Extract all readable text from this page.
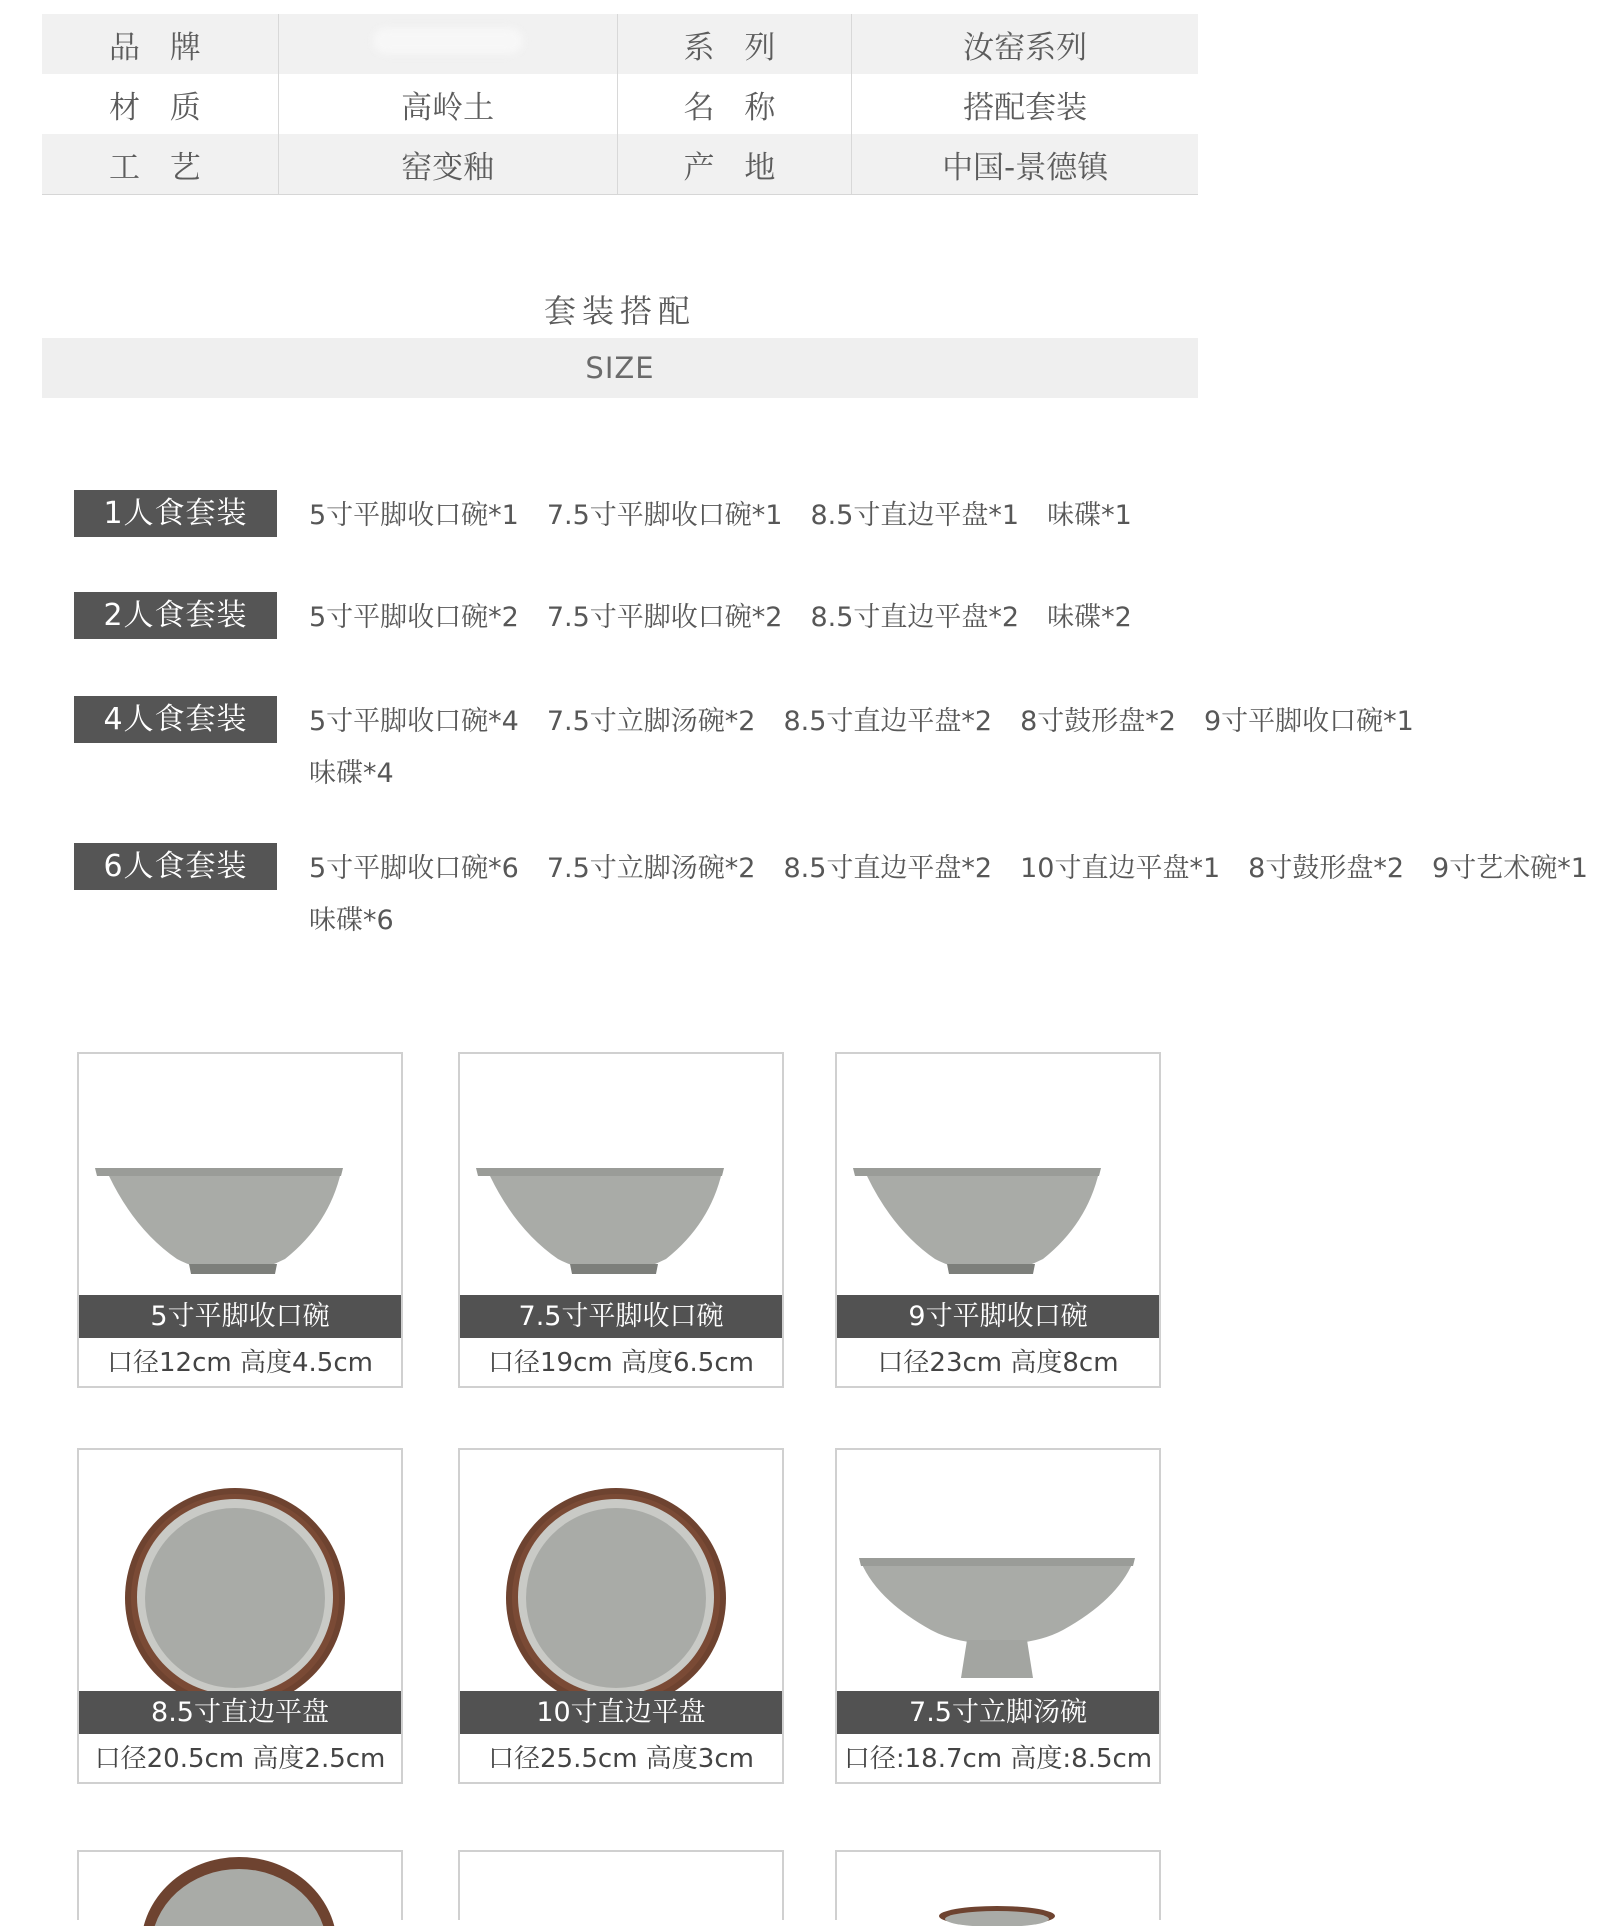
品 牌		系 列	汝窑系列
材 质	高岭土	名 称	搭配套装
工 艺	窑变釉	产 地	中国-景德镇
套装搭配
SIZE
1人食套装	5寸平脚收口碗*1 7.5寸平脚收口碗*1 8.5寸直边平盘*1 味碟*1
2人食套装	5寸平脚收口碗*2 7.5寸平脚收口碗*2 8.5寸直边平盘*2 味碟*2
4人食套装	5寸平脚收口碗*4 7.5寸立脚汤碗*2 8.5寸直边平盘*2 8寸鼓形盘*2 9寸平脚收口碗*1味碟*4
6人食套装	5寸平脚收口碗*6 7.5寸立脚汤碗*2 8.5寸直边平盘*2 10寸直边平盘*1 8寸鼓形盘*2 9寸艺术碗*1味碟*6
5寸平脚收口碗
口径12cm 高度4.5cm
7.5寸平脚收口碗
口径19cm 高度6.5cm
9寸平脚收口碗
口径23cm 高度8cm
8.5寸直边平盘
口径20.5cm 高度2.5cm
10寸直边平盘
口径25.5cm 高度3cm
7.5寸立脚汤碗
口径:18.7cm 高度:8.5cm
